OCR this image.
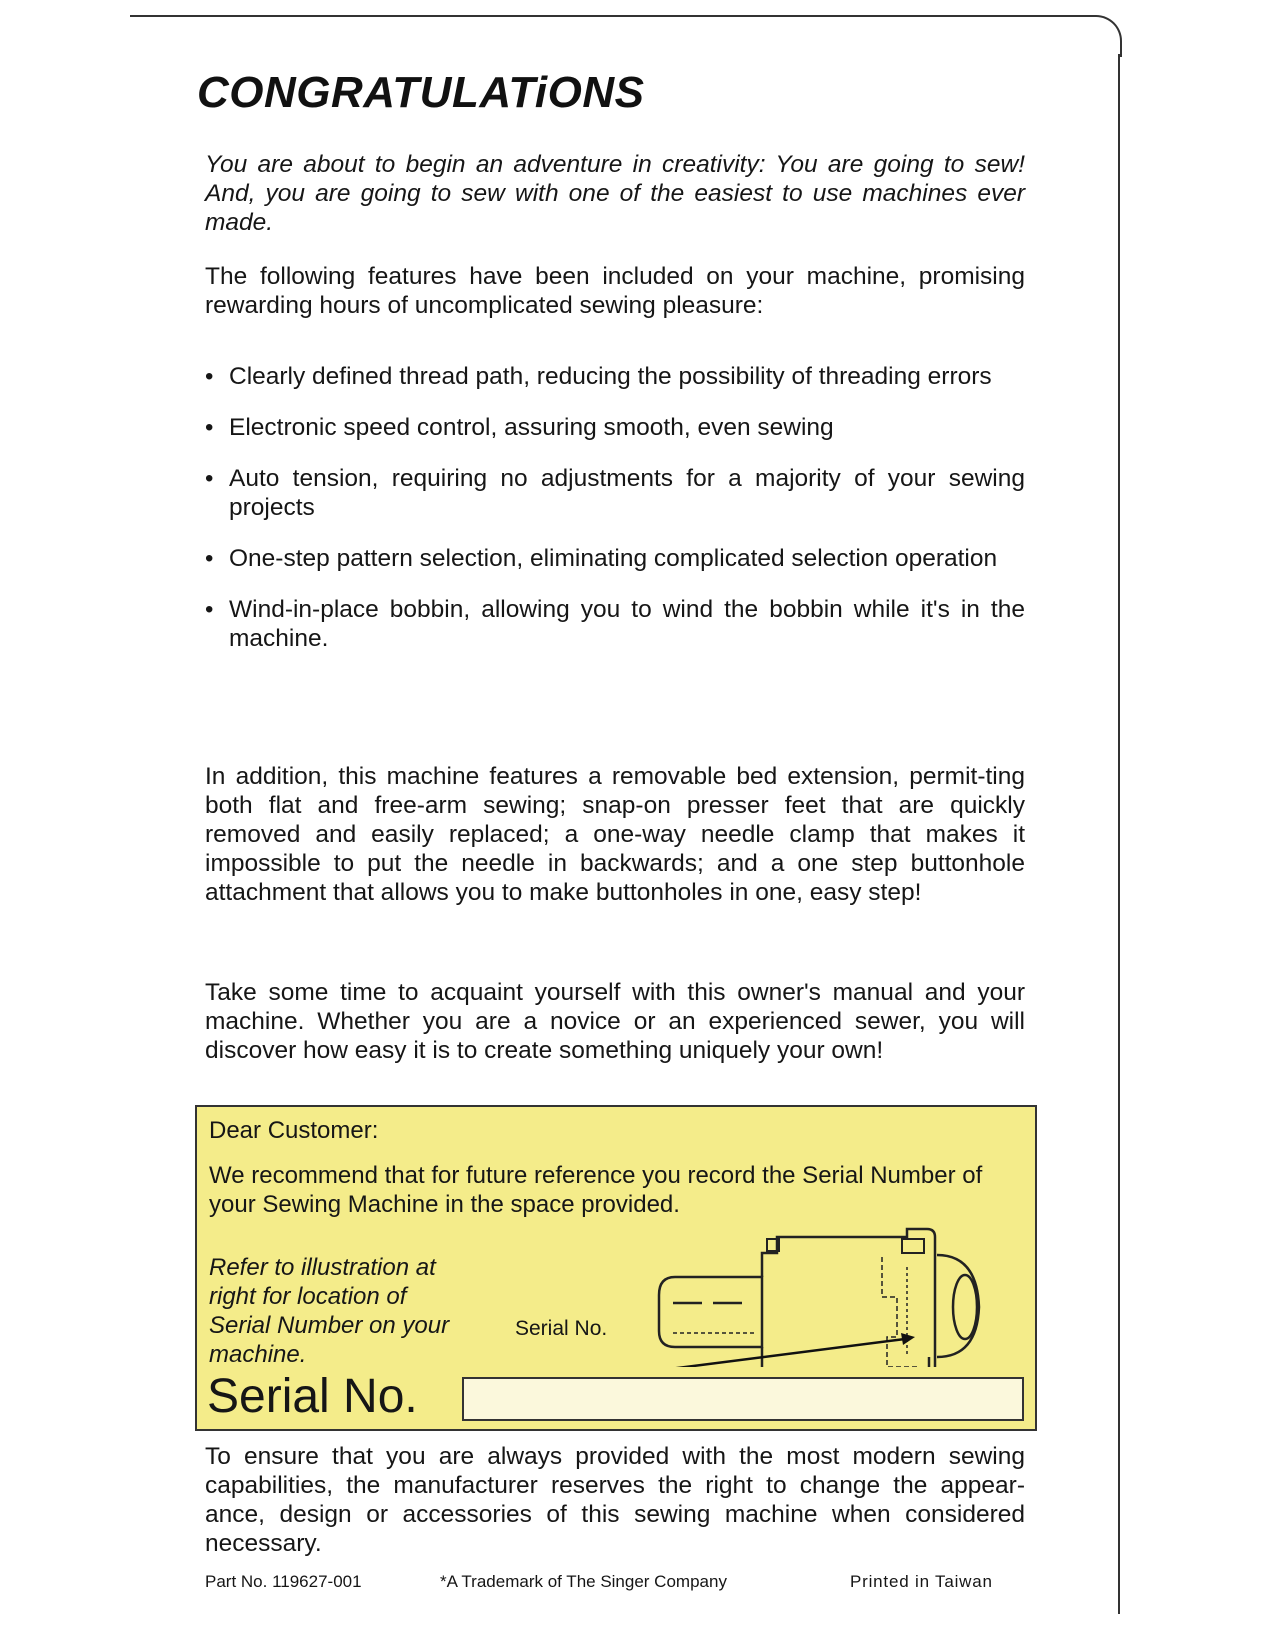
CONGRATULATiONS

You are about to begin an adventure in creativity: You are going to sew! And, you are going to sew with one of the easiest to use machines ever made.

The following features have been included on your machine, promising rewarding hours of uncomplicated sewing pleasure:

• Clearly defined thread path, reducing the possibility of threading errors
• Electronic speed control, assuring smooth, even sewing
• Auto tension, requiring no adjustments for a majority of your sewing projects
• One-step pattern selection, eliminating complicated selection operation
• Wind-in-place bobbin, allowing you to wind the bobbin while it's in the machine.

In addition, this machine features a removable bed extension, permit-ting both flat and free-arm sewing; snap-on presser feet that are quickly removed and easily replaced; a one-way needle clamp that makes it impossible to put the needle in backwards; and a one step buttonhole attachment that allows you to make buttonholes in one, easy step!

Take some time to acquaint yourself with this owner's manual and your machine. Whether you are a novice or an experienced sewer, you will discover how easy it is to create something uniquely your own!

Dear Customer:
We recommend that for future reference you record the Serial Number of your Sewing Machine in the space provided.
Refer to illustration at right for location of Serial Number on your machine.
Serial No.
Serial No.

To ensure that you are always provided with the most modern sewing capabilities, the manufacturer reserves the right to change the appear-ance, design or accessories of this sewing machine when considered necessary.

Part No. 119627-001	*A Trademark of The Singer Company	Printed in Taiwan
